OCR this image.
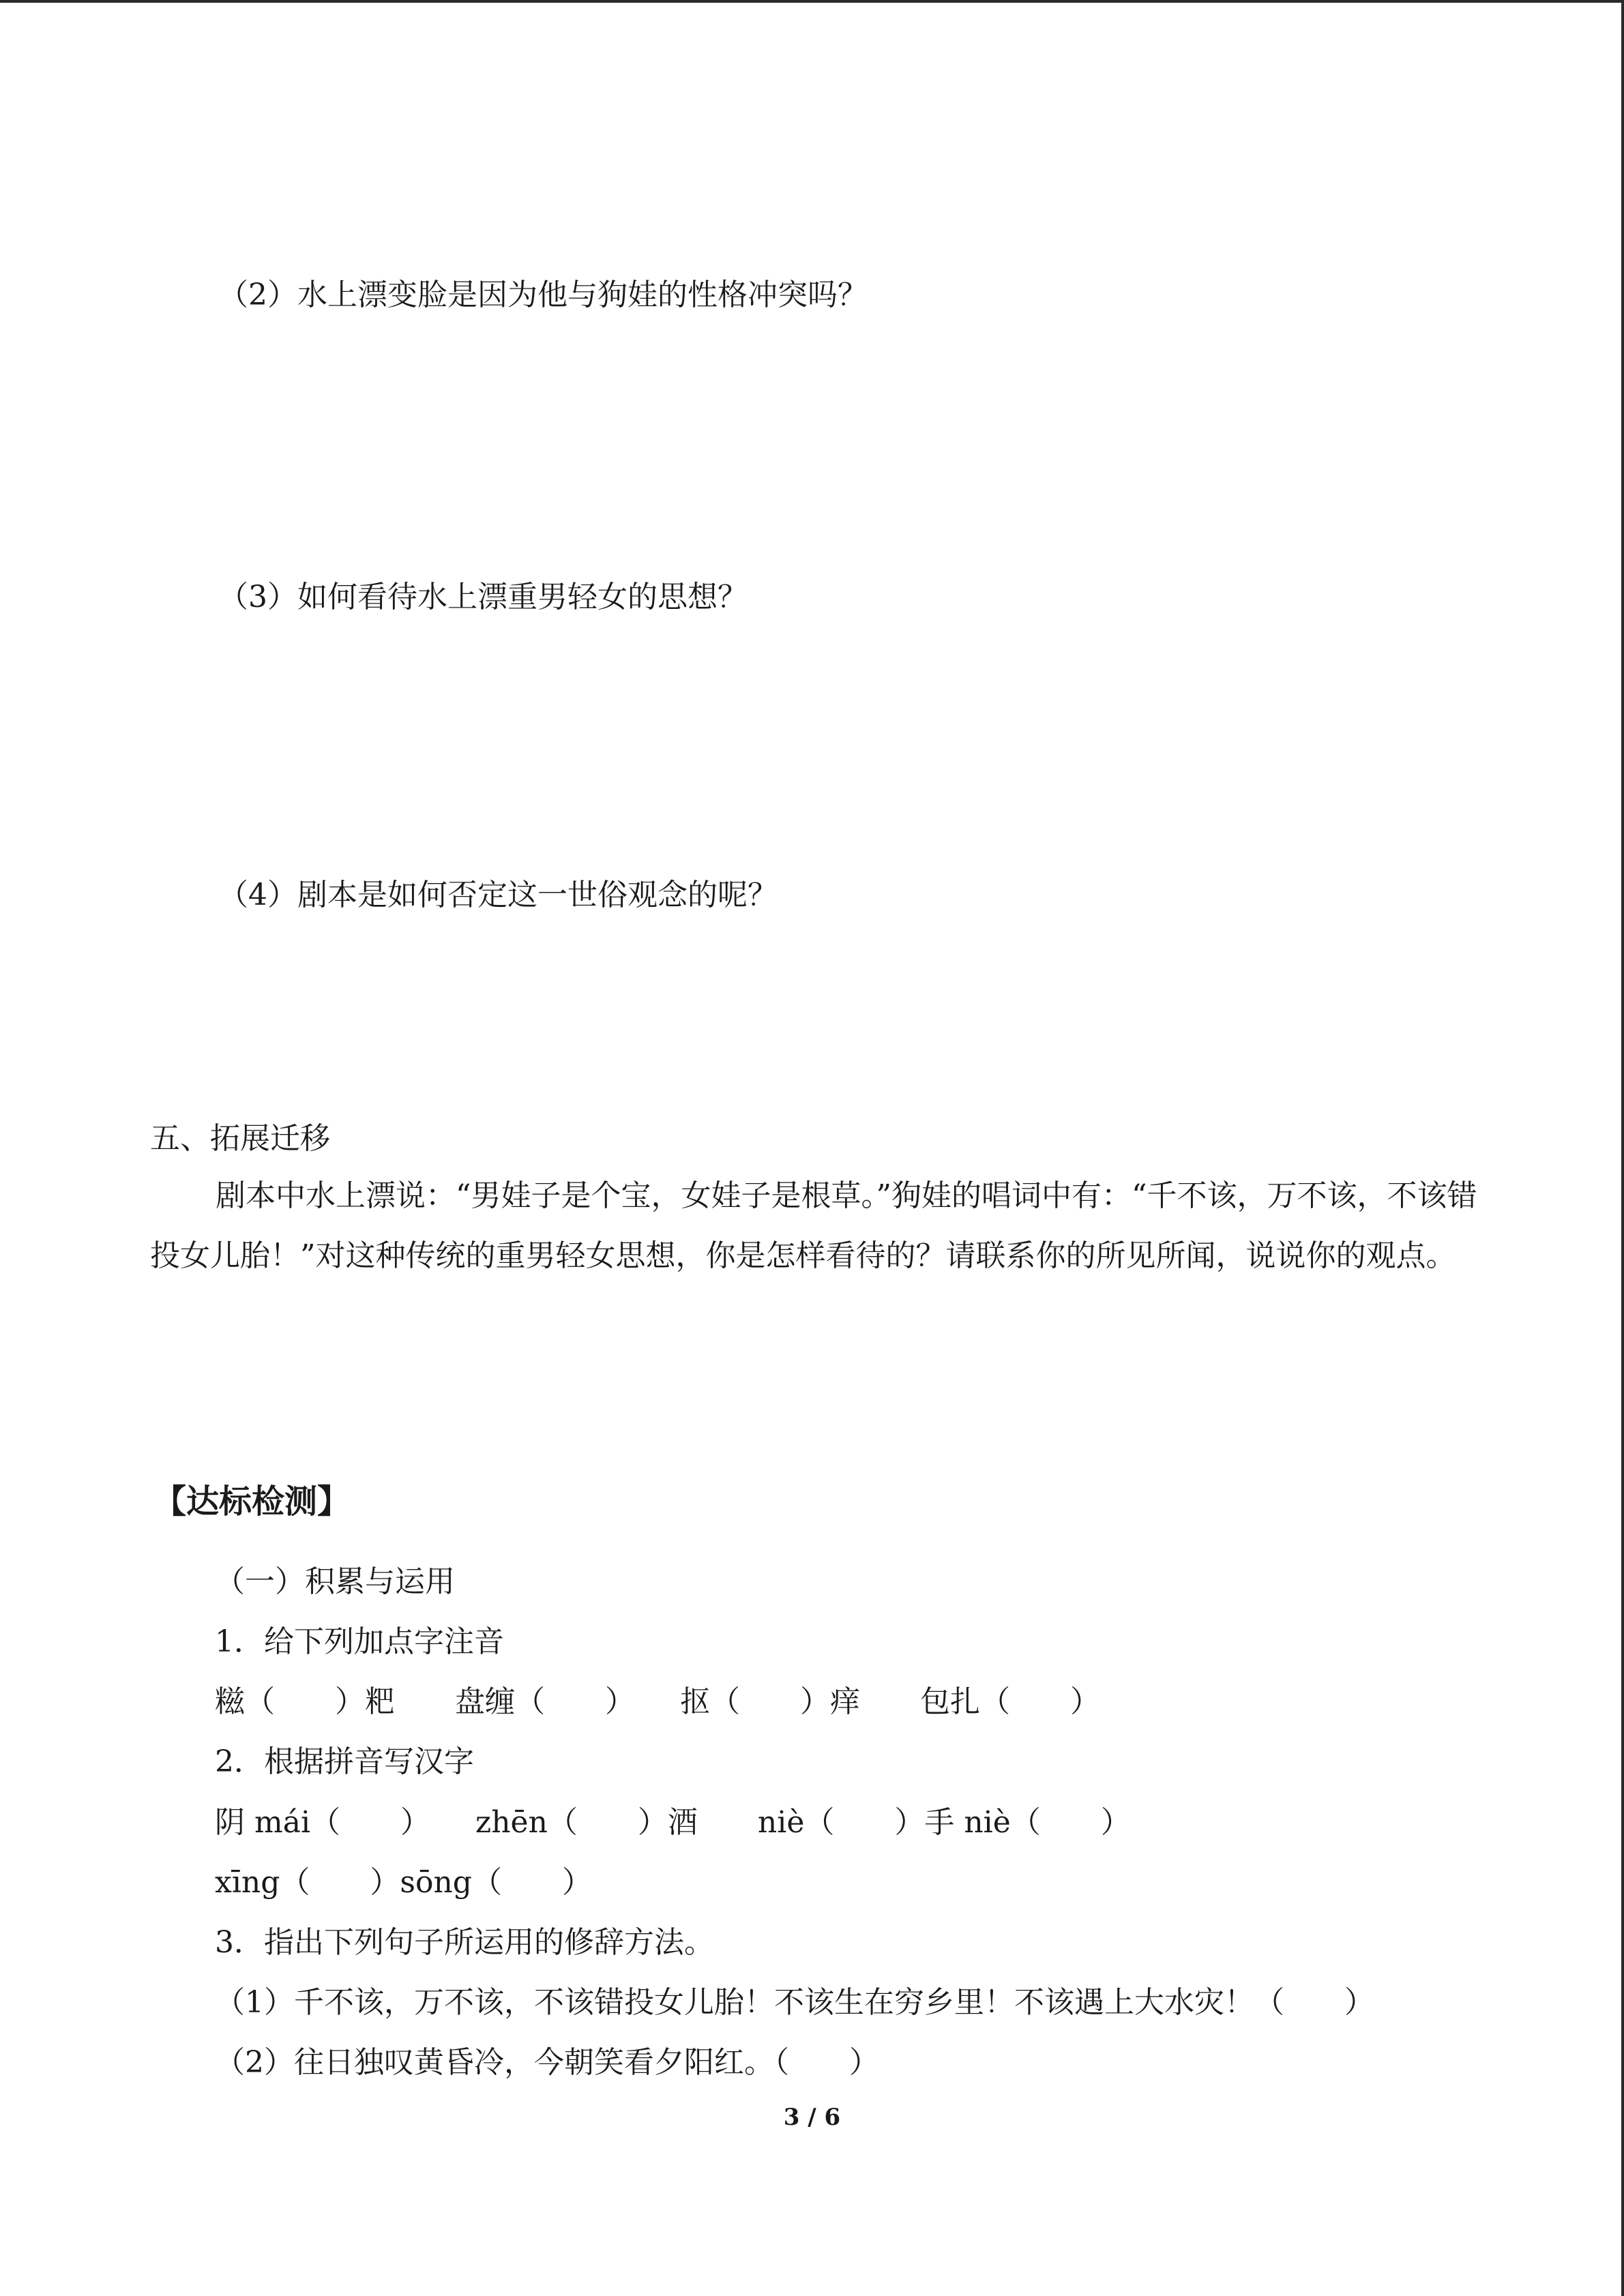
（2）水上漂变脸是因为他与狗娃的性格冲突吗？
（3）如何看待水上漂重男轻女的思想？
（4）剧本是如何否定这一世俗观念的呢？
五、拓展迁移
剧本中水上漂说：“男娃子是个宝，女娃子是根草。”狗娃的唱词中有：“千不该，万不该，不该错投女儿胎！”对这种传统的重男轻女思想，你是怎样看待的？请联系你的所见所闻，说说你的观点。
【达标检测】
（一）积累与运用
1．给下列加点字注音
糍（　　）粑　　盘缠（　　）　　抠（　　）痒　　包扎（　　）
2．根据拼音写汉字
阴 mái（　　）　　zhēn（　　）酒　　niè（　　）手 niè（　　）
xīng（　　）sōng（　　）
3．指出下列句子所运用的修辞方法。
（1）千不该，万不该，不该错投女儿胎！不该生在穷乡里！不该遇上大水灾！（　　）
（2）往日独叹黄昏冷，今朝笑看夕阳红。（　　）
3 / 6
